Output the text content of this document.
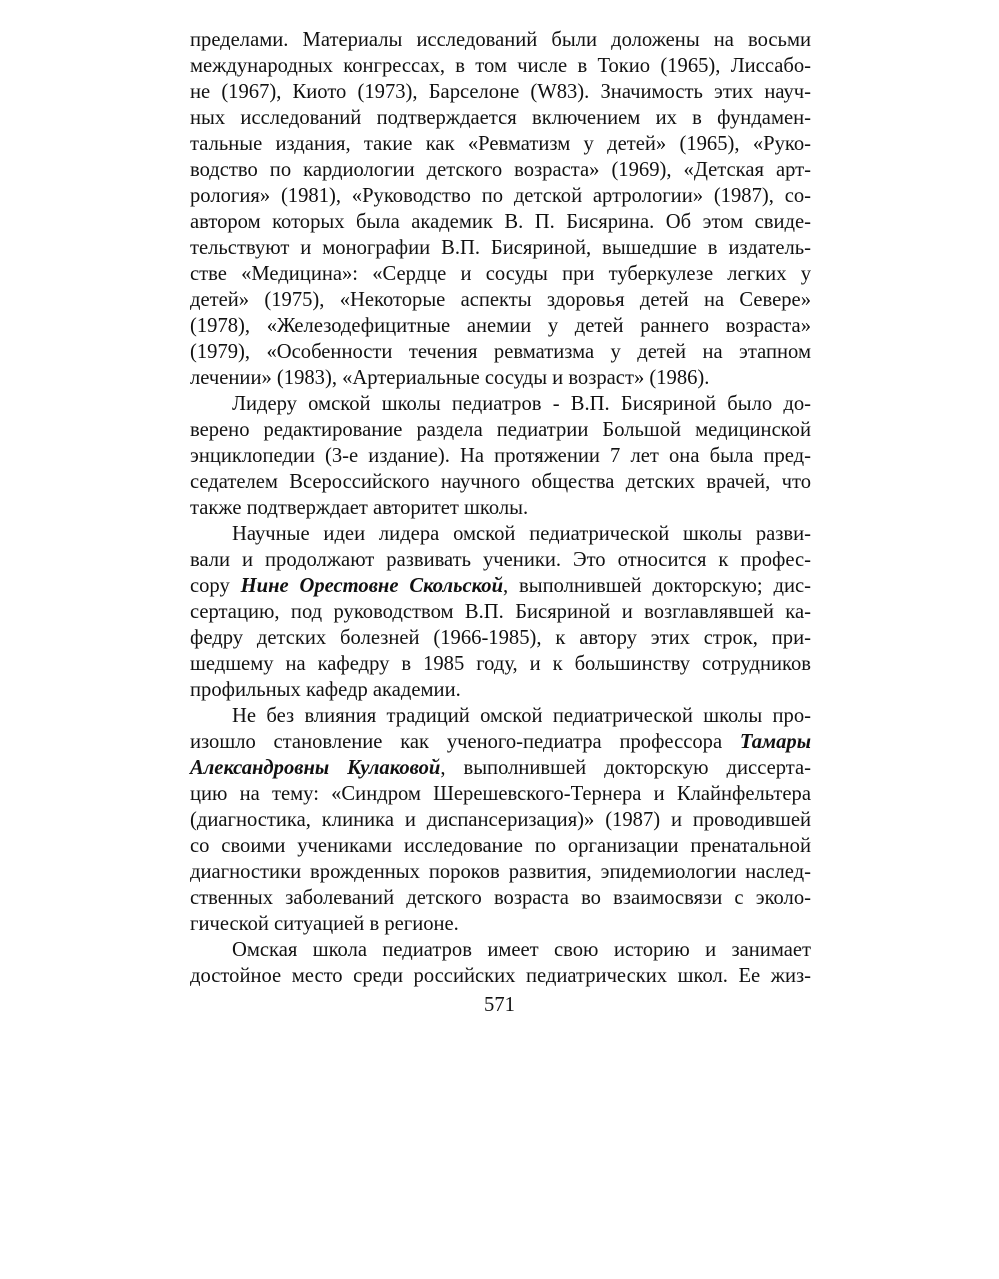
пределами. Материалы исследований были доложены на восьми
международных конгрессах, в том числе в Токио (1965), Лиссабо-
не (1967), Киото (1973), Барселоне (W83). Значимость этих науч-
ных исследований подтверждается включением их в фундамен-
тальные издания, такие как «Ревматизм у детей» (1965), «Руко-
водство по кардиологии детского возраста» (1969), «Детская арт-
рология» (1981), «Руководство по детской артрологии» (1987), со-
автором которых была академик В. П. Бисярина. Об этом свиде-
тельствуют и монографии В.П. Бисяриной, вышедшие в издатель-
стве «Медицина»: «Сердце и сосуды при туберкулезе легких у
детей» (1975), «Некоторые аспекты здоровья детей на Севере»
(1978), «Железодефицитные анемии у детей раннего возраста»
(1979), «Особенности течения ревматизма у детей на этапном
лечении» (1983), «Артериальные сосуды и возраст» (1986).
Лидеру омской школы педиатров - В.П. Бисяриной было до-
верено редактирование раздела педиатрии Большой медицинской
энциклопедии (3-е издание). На протяжении 7 лет она была пред-
седателем Всероссийского научного общества детских врачей, что
также подтверждает авторитет школы.
Научные идеи лидера омской педиатрической школы разви-
вали и продолжают развивать ученики. Это относится к профес-
сору Нине Орестовне Скольской, выполнившей докторскую; дис-
сертацию, под руководством В.П. Бисяриной и возглавлявшей ка-
федру детских болезней (1966-1985), к автору этих строк, при-
шедшему на кафедру в 1985 году, и к большинству сотрудников
профильных кафедр академии.
Не без влияния традиций омской педиатрической школы про-
изошло становление как ученого-педиатра профессора Тамары
Александровны Кулаковой, выполнившей докторскую диссерта-
цию на тему: «Синдром Шерешевского-Тернера и Клайнфельтера
(диагностика, клиника и диспансеризация)» (1987) и проводившей
со своими учениками исследование по организации пренатальной
диагностики врожденных пороков развития, эпидемиологии наслед-
ственных заболеваний детского возраста во взаимосвязи с эколо-
гической ситуацией в регионе.
Омская школа педиатров имеет свою историю и занимает
достойное место среди российских педиатрических школ. Ее жиз-
571
